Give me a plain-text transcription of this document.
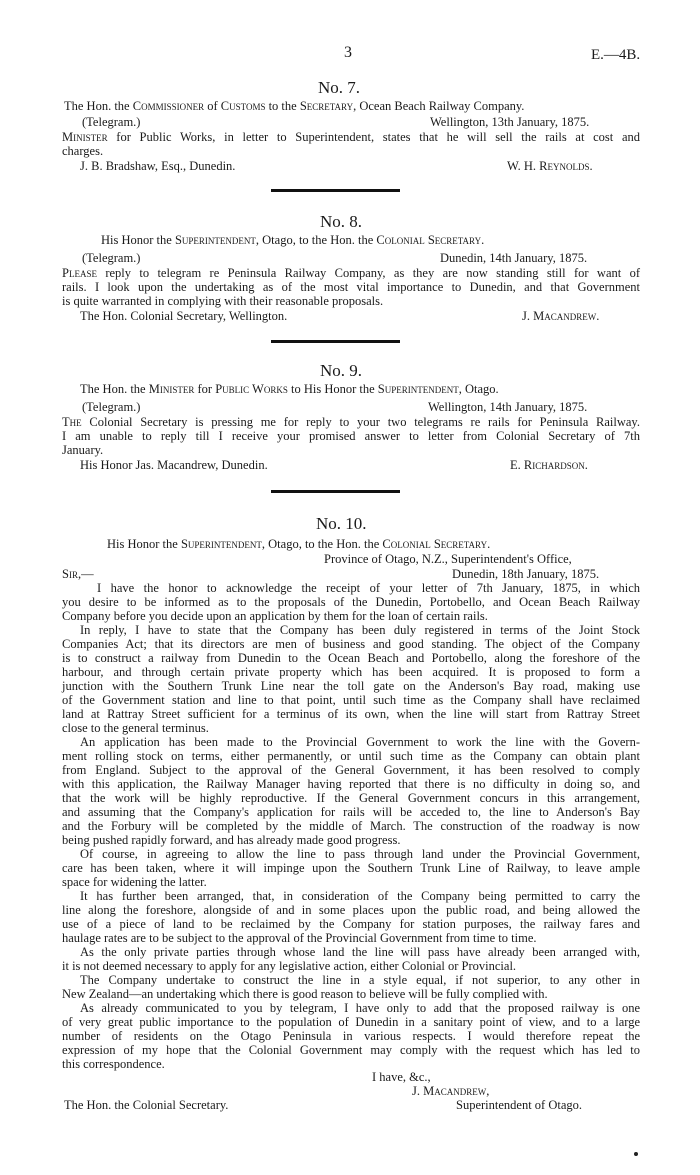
3	E.—4B.
No. 7.
The Hon. the Commissioner of Customs to the Secretary, Ocean Beach Railway Company.
(Telegram.)	Wellington, 13th January, 1875.
Minister for Public Works, in letter to Superintendent, states that he will sell the rails at cost and
charges.
J. B. Bradshaw, Esq., Dunedin.	W. H. Reynolds.
No. 8.
His Honor the Superintendent, Otago, to the Hon. the Colonial Secretary.
(Telegram.)	Dunedin, 14th January, 1875.
Please reply to telegram re Peninsula Railway Company, as they are now standing still for want of
rails. I look upon the undertaking as of the most vital importance to Dunedin, and that Government
is quite warranted in complying with their reasonable proposals.
The Hon. Colonial Secretary, Wellington.	J. Macandrew.
No. 9.
The Hon. the Minister for Public Works to His Honor the Superintendent, Otago.
(Telegram.)	Wellington, 14th January, 1875.
The Colonial Secretary is pressing me for reply to your two telegrams re rails for Peninsula Railway.
I am unable to reply till I receive your promised answer to letter from Colonial Secretary of 7th
January.
His Honor Jas. Macandrew, Dunedin.	E. Richardson.
No. 10.
His Honor the Superintendent, Otago, to the Hon. the Colonial Secretary.
Province of Otago, N.Z., Superintendent's Office,
Sir,—	Dunedin, 18th January, 1875.
I have the honor to acknowledge the receipt of your letter of 7th January, 1875, in which
you desire to be informed as to the proposals of the Dunedin, Portobello, and Ocean Beach Railway
Company before you decide upon an application by them for the loan of certain rails.
In reply, I have to state that the Company has been duly registered in terms of the Joint Stock
Companies Act; that its directors are men of business and good standing. The object of the Company
is to construct a railway from Dunedin to the Ocean Beach and Portobello, along the foreshore of the
harbour, and through certain private property which has been acquired. It is proposed to form a
junction with the Southern Trunk Line near the toll gate on the Anderson's Bay road, making use
of the Government station and line to that point, until such time as the Company shall have reclaimed
land at Rattray Street sufficient for a terminus of its own, when the line will start from Rattray Street
close to the general terminus.
An application has been made to the Provincial Government to work the line with the Govern-
ment rolling stock on terms, either permanently, or until such time as the Company can obtain plant
from England. Subject to the approval of the General Government, it has been resolved to comply
with this application, the Railway Manager having reported that there is no difficulty in doing so, and
that the work will be highly reproductive. If the General Government concurs in this arrangement,
and assuming that the Company's application for rails will be acceded to, the line to Anderson's Bay
and the Forbury will be completed by the middle of March. The construction of the roadway is now
being pushed rapidly forward, and has already made good progress.
Of course, in agreeing to allow the line to pass through land under the Provincial Government,
care has been taken, where it will impinge upon the Southern Trunk Line of Railway, to leave ample
space for widening the latter.
It has further been arranged, that, in consideration of the Company being permitted to carry the
line along the foreshore, alongside of and in some places upon the public road, and being allowed the
use of a piece of land to be reclaimed by the Company for station purposes, the railway fares and
haulage rates are to be subject to the approval of the Provincial Government from time to time.
As the only private parties through whose land the line will pass have already been arranged with,
it is not deemed necessary to apply for any legislative action, either Colonial or Provincial.
The Company undertake to construct the line in a style equal, if not superior, to any other in
New Zealand—an undertaking which there is good reason to believe will be fully complied with.
As already communicated to you by telegram, I have only to add that the proposed railway is one
of very great public importance to the population of Dunedin in a sanitary point of view, and to a large
number of residents on the Otago Peninsula in various respects. I would therefore repeat the
expression of my hope that the Colonial Government may comply with the request which has led to
this correspondence.
I have, &c.,
J. Macandrew,
The Hon. the Colonial Secretary.	Superintendent of Otago.
